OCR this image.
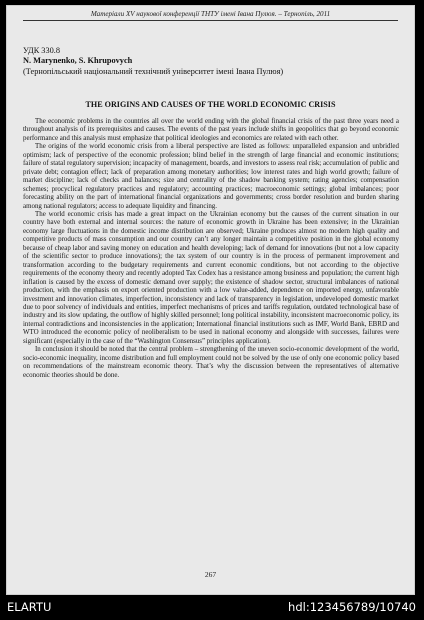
Матеріали XV наукової конференції ТНТУ імені Івана Пулюя. – Тернопіль, 2011
УДК 330.8
N. Marynenko, S. Khrupovych
(Тернопільський національний технічний університет імені Івана Пулюя)
THE ORIGINS AND CAUSES OF THE WORLD ECONOMIC CRISIS

The economic problems in the countries all over the world ending with the global financial crisis of the past three years need a throughout analysis of its prerequisites and causes. The events of the past years include shifts in geopolitics that go beyond economic performance and this analysis must emphasize that political ideologies and economics are related with each other.

The origins of the world economic crisis from a liberal perspective are listed as follows: unparalleled expansion and unbridled optimism; lack of perspective of the economic profession; blind belief in the strength of large financial and economic institutions; failure of statal regulatory supervision; incapacity of management, boards, and investors to assess real risk; accumulation of public and private debt; contagion effect; lack of preparation among monetary authorities; low interest rates and high world growth; failure of market discipline; lack of checks and balances; size and centrality of the shadow banking system; rating agencies; compensation schemes; procyclical regulatory practices and regulatory; accounting practices; macroeconomic settings; global imbalances; poor forecasting ability on the part of international financial organizations and governments; cross border resolution and burden sharing among national regulators; access to adequate liquidity and financing.

The world economic crisis has made a great impact on the Ukrainian economy but the causes of the current situation in our country have both external and internal sources: the nature of economic growth in Ukraine has been extensive; in the Ukrainian economy large fluctuations in the domestic income distribution are observed; Ukraine produces almost no modern high quality and competitive products of mass consumption and our country can’t any longer maintain a competitive position in the global economy because of cheap labor and saving money on education and health developing; lack of demand for innovations (but not a low capacity of the scientific sector to produce innovations); the tax system of our country is in the process of permanent improvement and transformation according to the budgetary requirements and current economic conditions, but not according to the objective requirements of the economy theory and recently adopted Tax Codex has a resistance among business and population; the current high inflation is caused by the excess of domestic demand over supply; the existence of shadow sector, structural imbalances of national production, with the emphasis on export oriented production with a low value-added, dependence on imported energy, unfavorable investment and innovation climates, imperfection, inconsistency and lack of transparency in legislation, undeveloped domestic market due to poor solvency of individuals and entities, imperfect mechanisms of prices and tariffs regulation, outdated technological base of industry and its slow updating, the outflow of highly skilled personnel; long political instability, inconsistent macroeconomic policy, its internal contradictions and inconsistencies in the application; International financial institutions such as IMF, World Bank, EBRD and WTO introduced the economic policy of neoliberalism to be used in national economy and alongside with successes, failures were significant (especially in the case of the “Washington Consensus” principles application).

In conclusion it should be noted that the central problem – strengthening of the uneven socio-economic development of the world, socio-economic inequality, income distribution and full employment could not be solved by the use of only one economic policy based on recommendations of the mainstream economic theory. That’s why the discussion between the representatives of alternative economic theories should be done.

267
ELARTU	hdl:123456789/10740
